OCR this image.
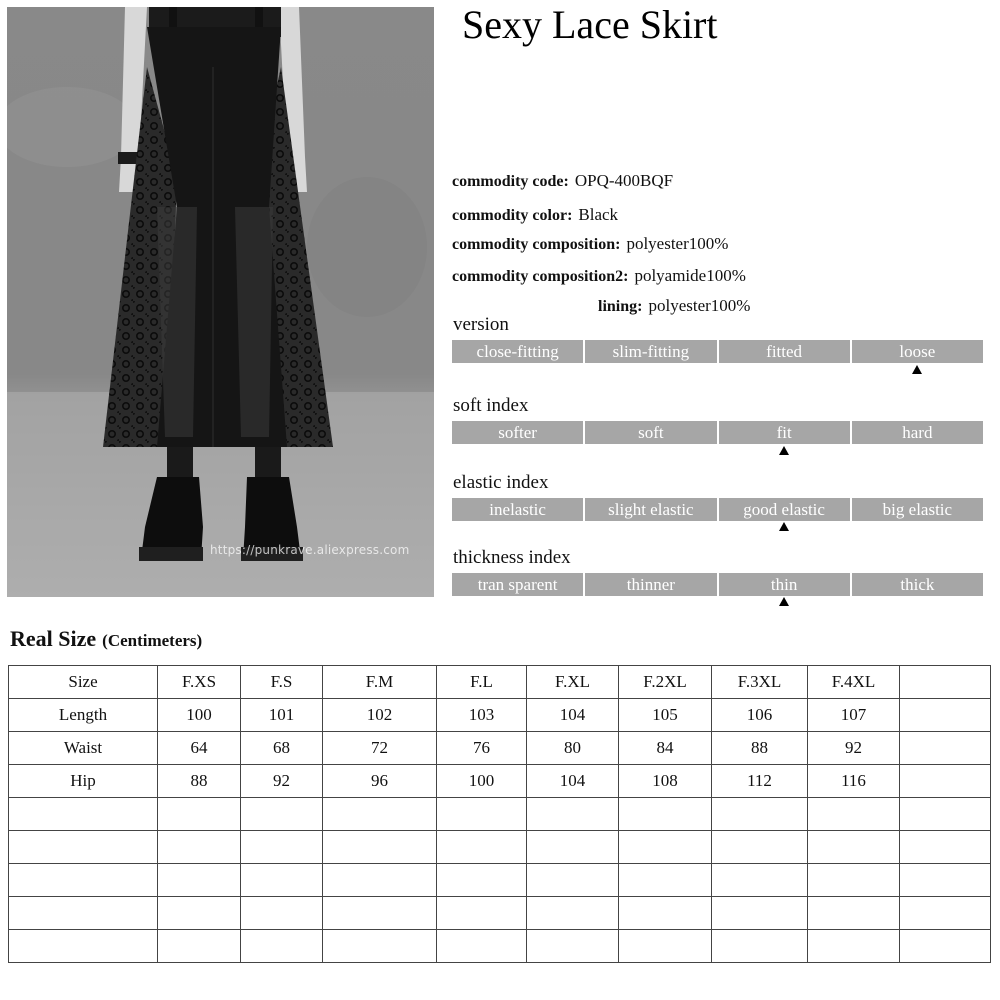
https://punkrave.aliexpress.com
Sexy Lace Skirt
commodity code: OPQ-400BQF
commodity color: Black
commodity composition: polyester100%
commodity composition2: polyamide100%
lining: polyester100%
version
close-fitting	slim-fitting	fitted	loose
soft index
softer	soft	fit	hard
elastic index
inelastic	slight elastic	good elastic	big elastic
thickness index
tran sparent	thinner	thin	thick
Real Size (Centimeters)
Size	F.XS	F.S	F.M	F.L	F.XL	F.2XL	F.3XL	F.4XL	
Length	100	101	102	103	104	105	106	107	
Waist	64	68	72	76	80	84	88	92	
Hip	88	92	96	100	104	108	112	116	
